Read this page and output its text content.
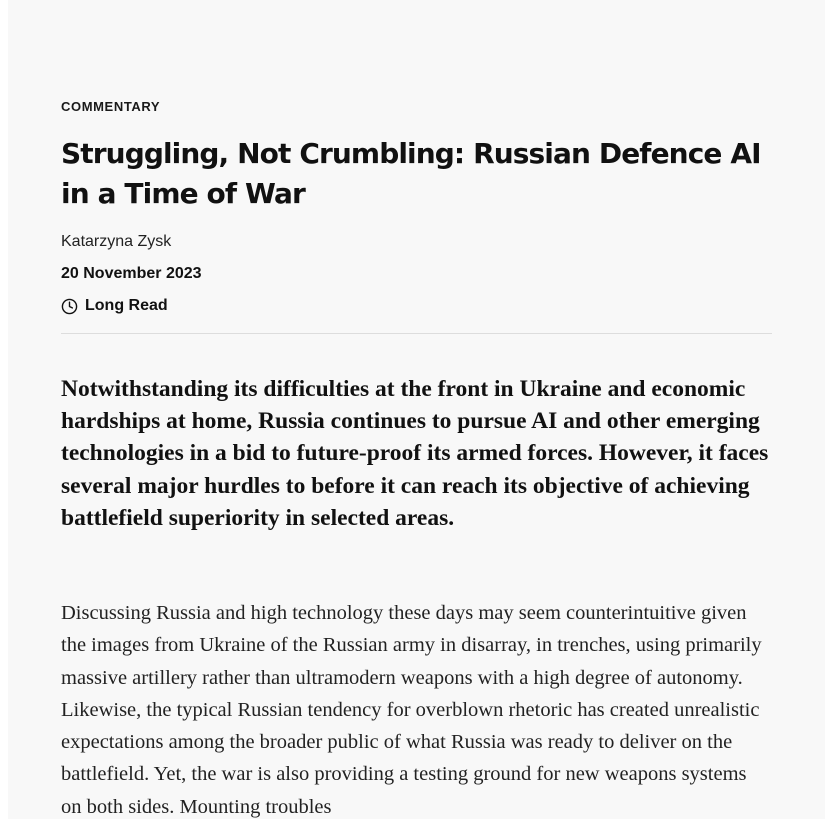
COMMENTARY

Struggling, Not Crumbling: Russian Defence AI in a Time of War

Katarzyna Zysk

20 November 2023

Long Read

Notwithstanding its difficulties at the front in Ukraine and economic hardships at home, Russia continues to pursue AI and other emerging technologies in a bid to future-proof its armed forces. However, it faces several major hurdles to before it can reach its objective of achieving battlefield superiority in selected areas.

Discussing Russia and high technology these days may seem counterintuitive given the images from Ukraine of the Russian army in disarray, in trenches, using primarily massive artillery rather than ultramodern weapons with a high degree of autonomy. Likewise, the typical Russian tendency for overblown rhetoric has created unrealistic expectations among the broader public of what Russia was ready to deliver on the battlefield. Yet, the war is also providing a testing ground for new weapons systems on both sides. Mounting troubles
